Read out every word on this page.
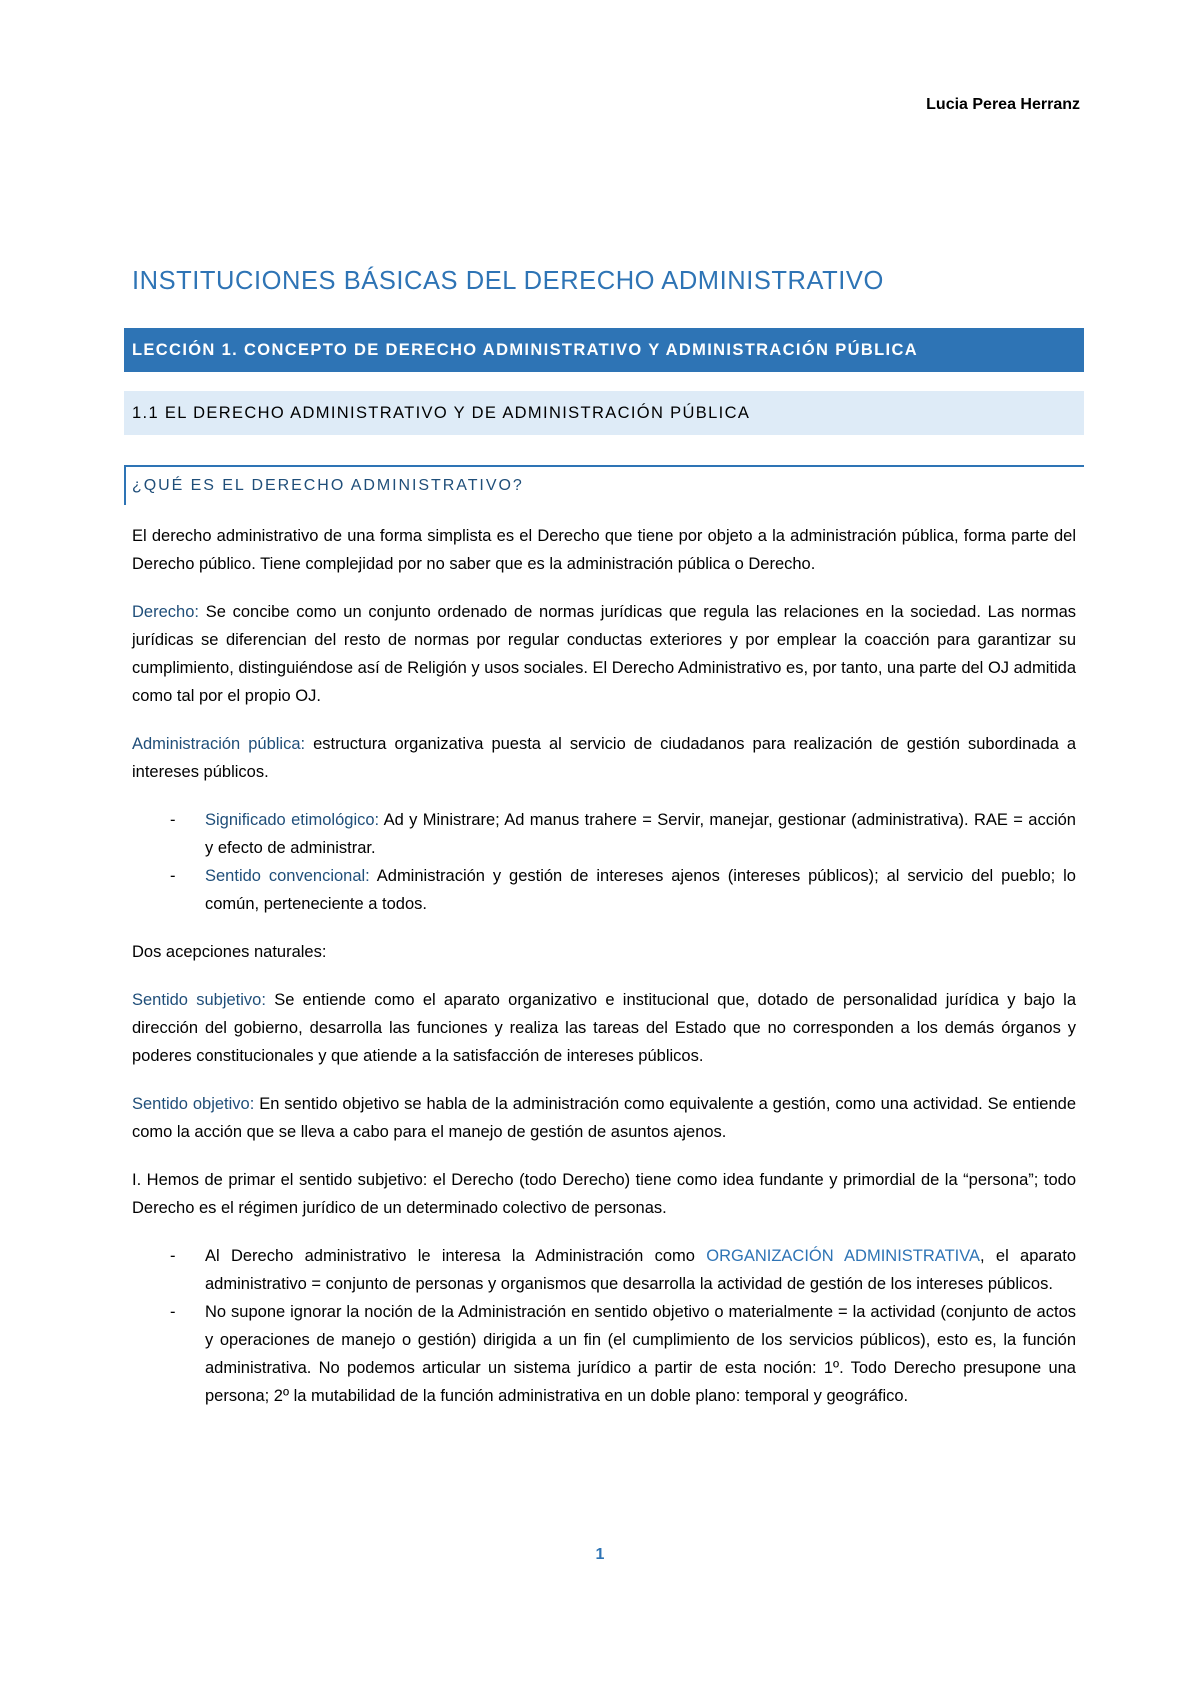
Lucia Perea Herranz
INSTITUCIONES BÁSICAS DEL DERECHO ADMINISTRATIVO
LECCIÓN 1. CONCEPTO DE DERECHO ADMINISTRATIVO Y ADMINISTRACIÓN PÚBLICA
1.1 EL DERECHO ADMINISTRATIVO Y DE ADMINISTRACIÓN PÚBLICA
¿QUÉ ES EL DERECHO ADMINISTRATIVO?

El derecho administrativo de una forma simplista es el Derecho que tiene por objeto a la administración pública, forma parte del Derecho público. Tiene complejidad por no saber que es la administración pública o Derecho.

Derecho: Se concibe como un conjunto ordenado de normas jurídicas que regula las relaciones en la sociedad. Las normas jurídicas se diferencian del resto de normas por regular conductas exteriores y por emplear la coacción para garantizar su cumplimiento, distinguiéndose así de Religión y usos sociales. El Derecho Administrativo es, por tanto, una parte del OJ admitida como tal por el propio OJ.

Administración pública: estructura organizativa puesta al servicio de ciudadanos para realización de gestión subordinada a intereses públicos.

- Significado etimológico: Ad y Ministrare; Ad manus trahere = Servir, manejar, gestionar (administrativa). RAE = acción y efecto de administrar.
- Sentido convencional: Administración y gestión de intereses ajenos (intereses públicos); al servicio del pueblo; lo común, perteneciente a todos.

Dos acepciones naturales:

Sentido subjetivo: Se entiende como el aparato organizativo e institucional que, dotado de personalidad jurídica y bajo la dirección del gobierno, desarrolla las funciones y realiza las tareas del Estado que no corresponden a los demás órganos y poderes constitucionales y que atiende a la satisfacción de intereses públicos.

Sentido objetivo: En sentido objetivo se habla de la administración como equivalente a gestión, como una actividad. Se entiende como la acción que se lleva a cabo para el manejo de gestión de asuntos ajenos.

I. Hemos de primar el sentido subjetivo: el Derecho (todo Derecho) tiene como idea fundante y primordial de la “persona”; todo Derecho es el régimen jurídico de un determinado colectivo de personas.

- Al Derecho administrativo le interesa la Administración como ORGANIZACIÓN ADMINISTRATIVA, el aparato administrativo = conjunto de personas y organismos que desarrolla la actividad de gestión de los intereses públicos.
- No supone ignorar la noción de la Administración en sentido objetivo o materialmente = la actividad (conjunto de actos y operaciones de manejo o gestión) dirigida a un fin (el cumplimiento de los servicios públicos), esto es, la función administrativa. No podemos articular un sistema jurídico a partir de esta noción: 1º. Todo Derecho presupone una persona; 2º la mutabilidad de la función administrativa en un doble plano: temporal y geográfico.
1
